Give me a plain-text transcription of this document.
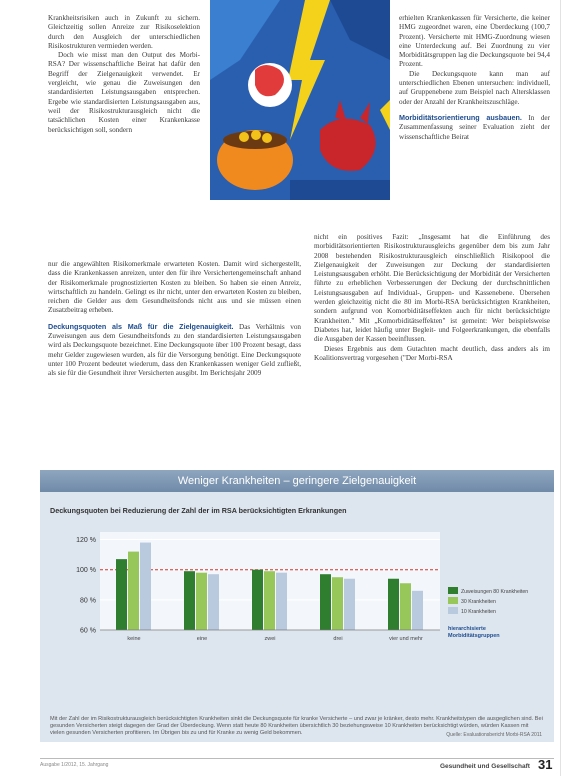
Krankheitsrisiken auch in Zukunft zu sichern. Gleichzeitig sollen Anreize zur Risikoselektion durch den Ausgleich der unterschiedlichen Risikostrukturen vermieden werden.

Doch wie misst man den Output des Morbi-RSA? Der wissenschaftliche Beirat hat dafür den Begriff der Zielgenauigkeit verwendet. Er vergleicht, wie genau die Zuweisungen den standardisierten Leistungsausgaben entsprechen. Ergebe wie standardisierten Leistungsausgaben aus, weil der Risikostrukturausgleich nicht die tatsächlichen Kosten einer Krankenkasse berücksichtigen soll, sondern

nur die angewählten Risikomerkmale erwarteten Kosten. Damit wird sichergestellt, dass die Krankenkassen anreizen, unter den für ihre Versichertengemeinschaft anhand der Risikomerkmale prognostizierten Kosten zu bleiben. So haben sie einen Anreiz, wirtschaftlich zu handeln. Gelingt es ihr nicht, unter den erwarteten Kosten zu bleiben, reichen die Gelder aus dem Gesundheitsfonds nicht aus und sie müssen einen Zusatzbeitrag erheben.

Deckungsquoten als Maß für die Zielgenauigkeit. Das Verhältnis von Zuweisungen aus dem Gesundheitsfonds zu den standardisierten Leistungsausgaben wird als Deckungsquote bezeichnet. Eine Deckungsquote über 100 Prozent besagt, dass mehr Gelder zugewiesen wurden, als für die Versorgung benötigt. Eine Deckungsquote unter 100 Prozent bedeutet wiederum, dass den Krankenkassen weniger Geld zufließt, als sie für die Gesundheit ihrer Versicherten ausgibt. Im Berichtsjahr 2009

erhielten Krankenkassen für Versicherte, die keiner HMG zugeordnet waren, eine Überdeckung (100,7 Prozent). Versicherte mit HMG-Zuordnung wiesen eine Unterdeckung auf. Bei Zuordnung zu vier Morbiditätsgruppen lag die Deckungsquote bei 94,4 Prozent.

Die Deckungsquote kann man auf unterschiedlichen Ebenen untersuchen: individuell, auf Gruppenebene zum Beispiel nach Altersklassen oder der Anzahl der Krankheitszuschläge.

Morbiditätsorientierung ausbauen. In der Zusammenfassung seiner Evaluation zieht der wissenschaftliche Beirat

nicht ein positives Fazit: „Insgesamt hat die Einführung des morbiditätsorientierten Risikostrukturausgleichs gegenüber dem bis zum Jahr 2008 bestehenden Risikostrukturausgleich einschließlich Risikopool die Zielgenauigkeit der Zuweisungen zur Deckung der standardisierten Leistungsausgaben erhöht. Die Berücksichtigung der Morbidität der Versicherten führte zu erheblichen Verbesserungen der Deckung der durchschnittlichen Leistungsausgaben auf Individual-, Gruppen- und Kassenebene. Übersehen werden gleichzeitig nicht die 80 im Morbi-RSA berücksichtigten Krankheiten, sondern aufgrund von Komorbiditätseffekten auch für nicht berücksichtigte Krankheiten." Mit „Komorbiditätseffekten" ist gemeint: Wer beispielsweise Diabetes hat, leidet häufig unter Begleit- und Folgeerkrankungen, die ebenfalls die Ausgaben der Kassen beeinflussen.

Dieses Ergebnis aus dem Gutachten macht deutlich, dass anders als im Koalitionsvertrag vorgesehen ("Der Morbi-RSA

Weniger Krankheiten – geringere Zielgenauigkeit
Deckungsquoten bei Reduzierung der Zahl der im RSA berücksichtigten Erkrankungen
120 %
100 %
80 %
60 %
keine	eine	zwei	drei	vier und mehr
Zuweisungen 80 Krankheiten
30 Krankheiten
10 Krankheiten
hierarchisierte
Morbiditätsgruppen
Mit der Zahl der im Risikostrukturausgleich berücksichtigten Krankheiten sinkt die Deckungsquote für kranke Versicherte – und zwar je kränker, desto mehr. Krankheitstypen die ausgeglichen sind. Bei gesunden Versicherten steigt dagegen der Grad der Überdeckung. Wenn statt heute 80 Krankheiten übersichtlich 30 beziehungsweise 10 Krankheiten berücksichtigt würden, würden Kassen mit vielen gesunden Versicherten profitieren. Im Übrigen bis zu und für Kranke zu wenig Geld bekommen.	Quelle: Evaluationsbericht Morbi-RSA 2011
Ausgabe 1/2012, 15. Jahrgang	Gesundheit und Gesellschaft 31
